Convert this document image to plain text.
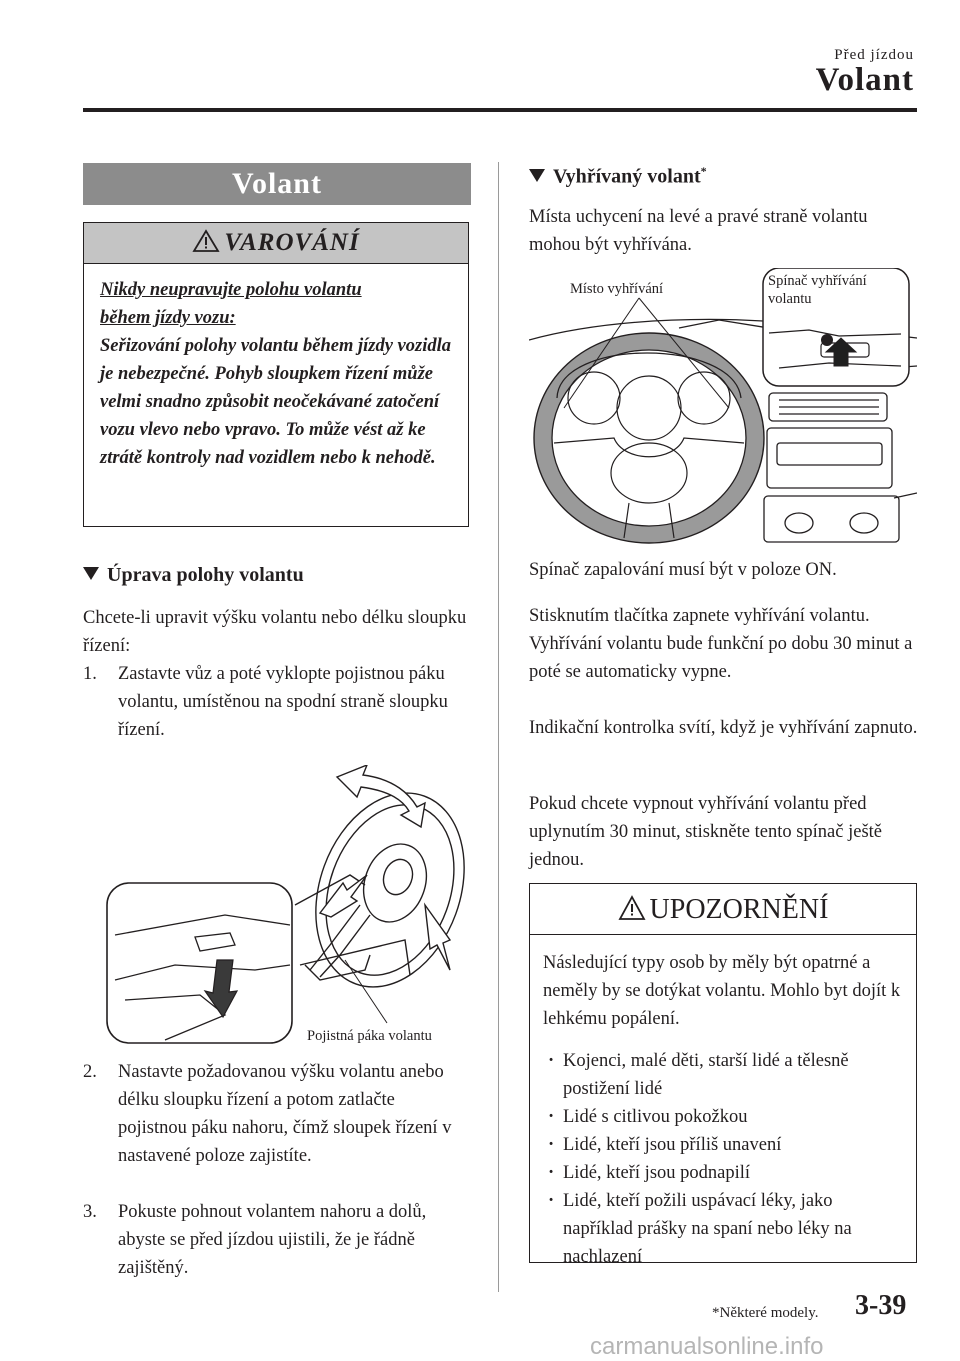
Před jízdou
Volant
Volant
VAROVÁNÍ
Nikdy neupravujte polohu volantu
během jízdy vozu:
Seřizování polohy volantu během jízdy vozidla je nebezpečné. Pohyb sloupkem řízení může velmi snadno způsobit neočekávané zatočení vozu vlevo nebo vpravo. To může vést až ke ztrátě kontroly nad vozidlem nebo k nehodě.
Úprava polohy volantu
Chcete-li upravit výšku volantu nebo délku sloupku řízení:
1. Zastavte vůz a poté vyklopte pojistnou páku volantu, umístěnou na spodní straně sloupku řízení.
Pojistná páka volantu
2. Nastavte požadovanou výšku volantu anebo délku sloupku řízení a potom zatlačte pojistnou páku nahoru, čímž sloupek řízení v nastavené poloze zajistíte.
3. Pokuste pohnout volantem nahoru a dolů, abyste se před jízdou ujistili, že je řádně zajištěný.
Vyhřívaný volant*
Místa uchycení na levé a pravé straně volantu mohou být vyhřívána.
Místo vyhřívání	Spínač vyhřívání
volantu
Spínač zapalování musí být v poloze ON.
Stisknutím tlačítka zapnete vyhřívání volantu. Vyhřívání volantu bude funkční po dobu 30 minut a poté se automaticky vypne.
Indikační kontrolka svítí, když je vyhřívání zapnuto.
Pokud chcete vypnout vyhřívání volantu před uplynutím 30 minut, stiskněte tento spínač ještě jednou.
UPOZORNĚNÍ
Následující typy osob by měly být opatrné a neměly by se dotýkat volantu. Mohlo byt dojít k lehkému popálení.
· Kojenci, malé děti, starší lidé a tělesně postižení lidé
· Lidé s citlivou pokožkou
· Lidé, kteří jsou příliš unavení
· Lidé, kteří jsou podnapilí
· Lidé, kteří požili uspávací léky, jako například prášky na spaní nebo léky na nachlazení
*Některé modely. 3-39
carmanualsonline.info
